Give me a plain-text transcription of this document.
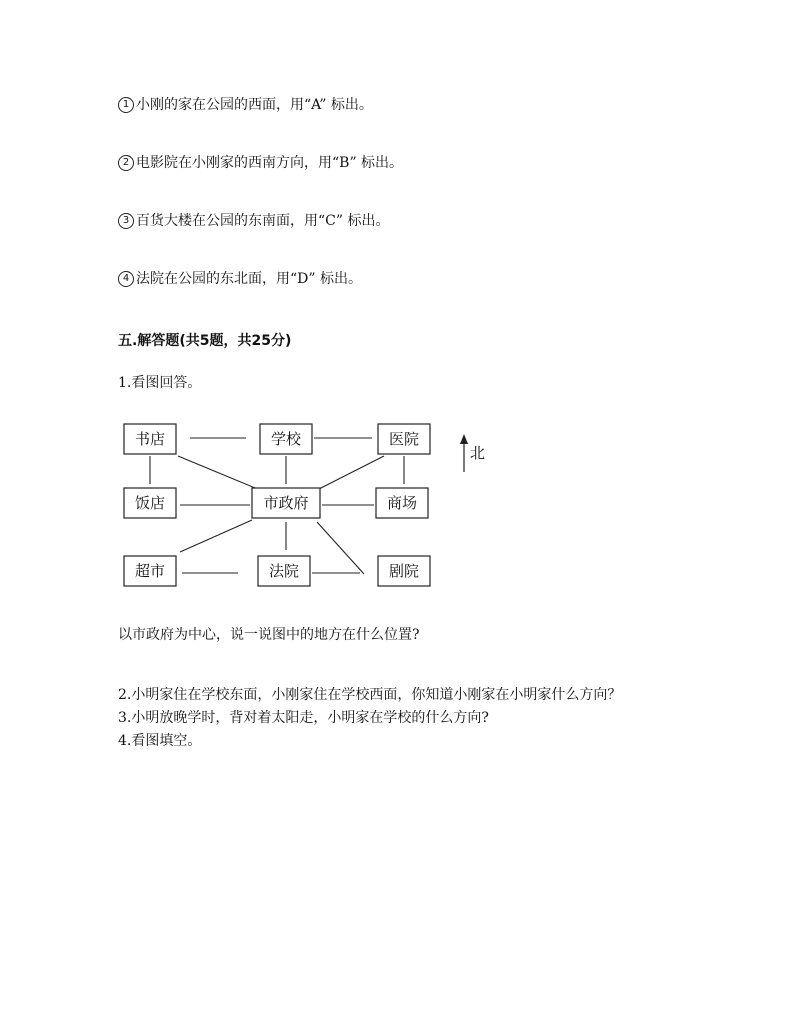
1 小刚的家在公园的西面，用“A” 标出。
2 电影院在小刚家的西南方向，用“B” 标出。
3 百货大楼在公园的东南面，用“C” 标出。
4 法院在公园的东北面，用“D” 标出。
五.解答题(共5题，共25分)
1.看图回答。
书店	学校	医院
饭店	市政府	商场
超市	法院	剧院
北
以市政府为中心，说一说图中的地方在什么位置?
2.小明家住在学校东面，小刚家住在学校西面，你知道小刚家在小明家什么方向？
3.小明放晚学时，背对着太阳走，小明家在学校的什么方向?
4.看图填空。
